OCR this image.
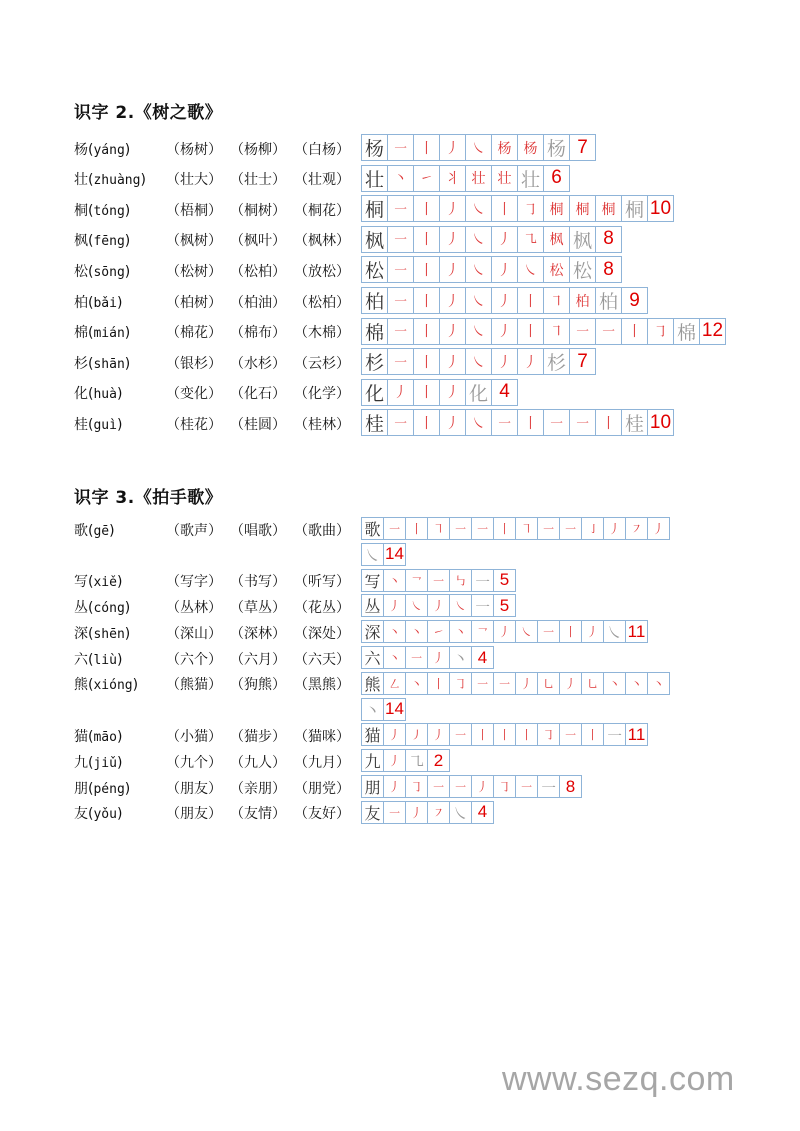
识字 2.《树之歌》
杨(yáng)	（杨树） （杨柳） （白杨） 杨 ㇐ 丨 丿 ㇏ 杨 杨 杨 7
壮(zhuàng) （壮大） （壮士） （壮观） 壮 丶 ㇀ 丬 壮 壮 壮 6
桐(tóng)	（梧桐） （桐树） （桐花） 桐 ㇐ 丨 丿 ㇏ 丨 ㇆ 桐 桐 桐 桐 10
枫(fēng)	（枫树） （枫叶） （枫林） 枫 ㇐ 丨 丿 ㇏ 丿 ㇈ 枫 枫 8
松(sōng)	（松树） （松柏） （放松） 松 ㇐ 丨 丿 ㇏ 丿 ㇏ 松 松 8
柏(bǎi)	（柏树） （柏油） （松柏） 柏 ㇐ 丨 丿 ㇏ 丿 丨 ㇕ 柏 柏 9
棉(mián)	（棉花） （棉布） （木棉） 棉 ㇐ 丨 丿 ㇏ 丿 丨 ㇕ ㇐ ㇐ 丨 ㇆ 棉 12
杉(shān)	（银杉） （水杉） （云杉） 杉 ㇐ 丨 丿 ㇏ 丿 丿 杉 7
化(huà)	（变化） （化石） （化学） 化 丿 丨 丿 化 4
桂(guì)	（桂花） （桂圆） （桂林） 桂 ㇐ 丨 丿 ㇏ ㇐ 丨 ㇐ ㇐ 丨 桂 10
识字 3.《拍手歌》
歌(gē)	（歌声） （唱歌） （歌曲） 歌 ㇐ 丨 ㇕ ㇐ ㇐ 丨 ㇕ ㇐ ㇐ ㇚ 丿 ㇇ 丿
㇏ 14
写(xiě)	（写字） （书写） （听写） 写 丶 ㇖ ㇐ ㇉ ㇐ 5
丛(cóng)	（丛林） （草丛） （花丛） 丛 丿 ㇏ 丿 ㇏ ㇐ 5
深(shēn)	（深山） （深林） （深处） 深 丶 丶 ㇀ 丶 ㇖ 丿 ㇏ ㇐ 丨 丿 ㇏ 11
六(liù)	（六个） （六月） （六天） 六 丶 ㇐ 丿 丶 4
熊(xióng) （熊猫） （狗熊） （黑熊） 熊 ㇜ 丶 丨 ㇆ ㇐ ㇐ 丿 ㇟ 丿 ㇟ 丶 丶 丶
丶 14
猫(māo)	（小猫） （猫步） （猫咪） 猫 丿 ㇓ 丿 ㇐ 丨 丨 丨 ㇆ ㇐ 丨 ㇐ 11
九(jiǔ)	（九个） （九人） （九月） 九 丿 ㇈ 2
朋(péng)	（朋友） （亲朋） （朋党） 朋 丿 ㇆ ㇐ ㇐ 丿 ㇆ ㇐ ㇐ 8
友(yǒu)	（朋友） （友情） （友好） 友 ㇐ 丿 ㇇ ㇏ 4
www.sezq.com
